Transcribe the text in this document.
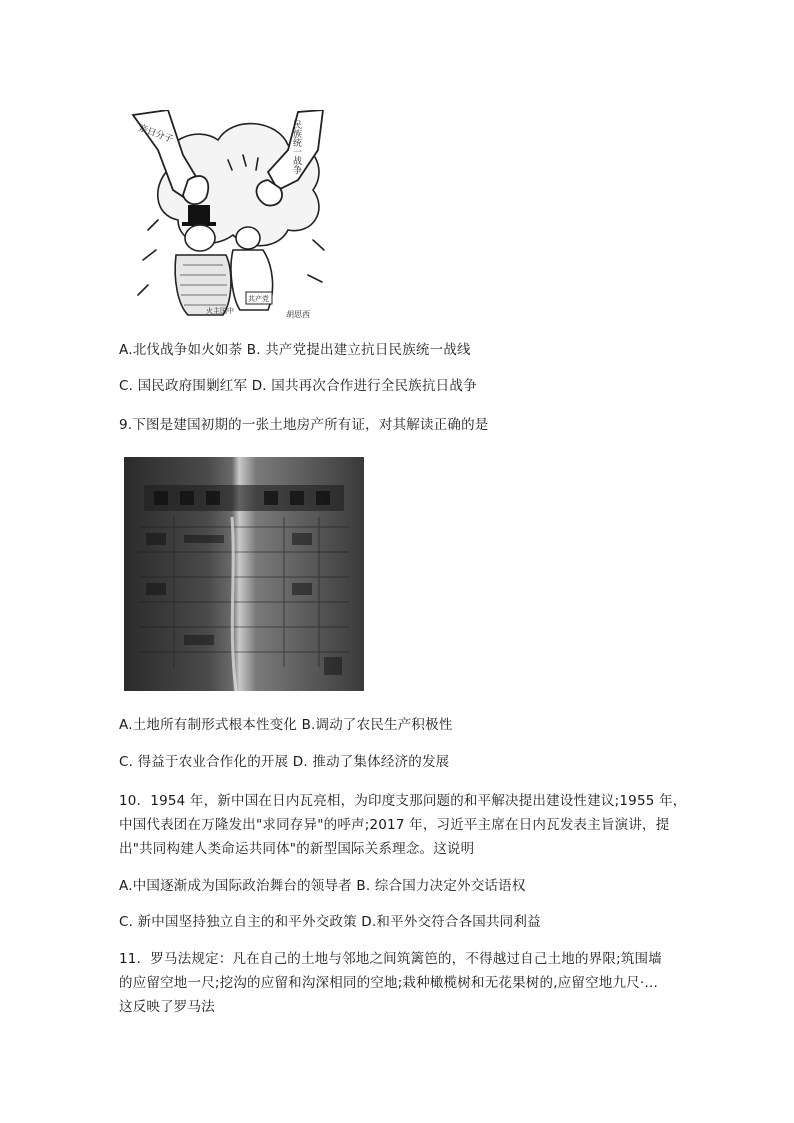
亲日分子	民族统一战争
火主国中
共产党
胡思西
A.北伐战争如火如荼 B. 共产党提出建立抗日民族统一战线
C. 国民政府围剿红军 D. 国共再次合作进行全民族抗日战争
9.下图是建国初期的一张土地房产所有证，对其解读正确的是
A.土地所有制形式根本性变化 B.调动了农民生产积极性
C. 得益于农业合作化的开展 D. 推动了集体经济的发展
10．1954 年，新中国在日内瓦亮相，为印度支那问题的和平解决提出建设性建议;1955 年，
中国代表团在万隆发出"求同存异"的呼声;2017 年，习近平主席在日内瓦发表主旨演讲，提
出"共同构建人类命运共同体"的新型国际关系理念。这说明
A.中国逐渐成为国际政治舞台的领导者 B. 综合国力决定外交话语权
C. 新中国坚持独立自主的和平外交政策 D.和平外交符合各国共同利益
11．罗马法规定：凡在自己的土地与邻地之间筑篱笆的，不得越过自己土地的界限;筑围墙
的应留空地一尺;挖沟的应留和沟深相同的空地;栽种橄榄树和无花果树的,应留空地九尺·…
这反映了罗马法
